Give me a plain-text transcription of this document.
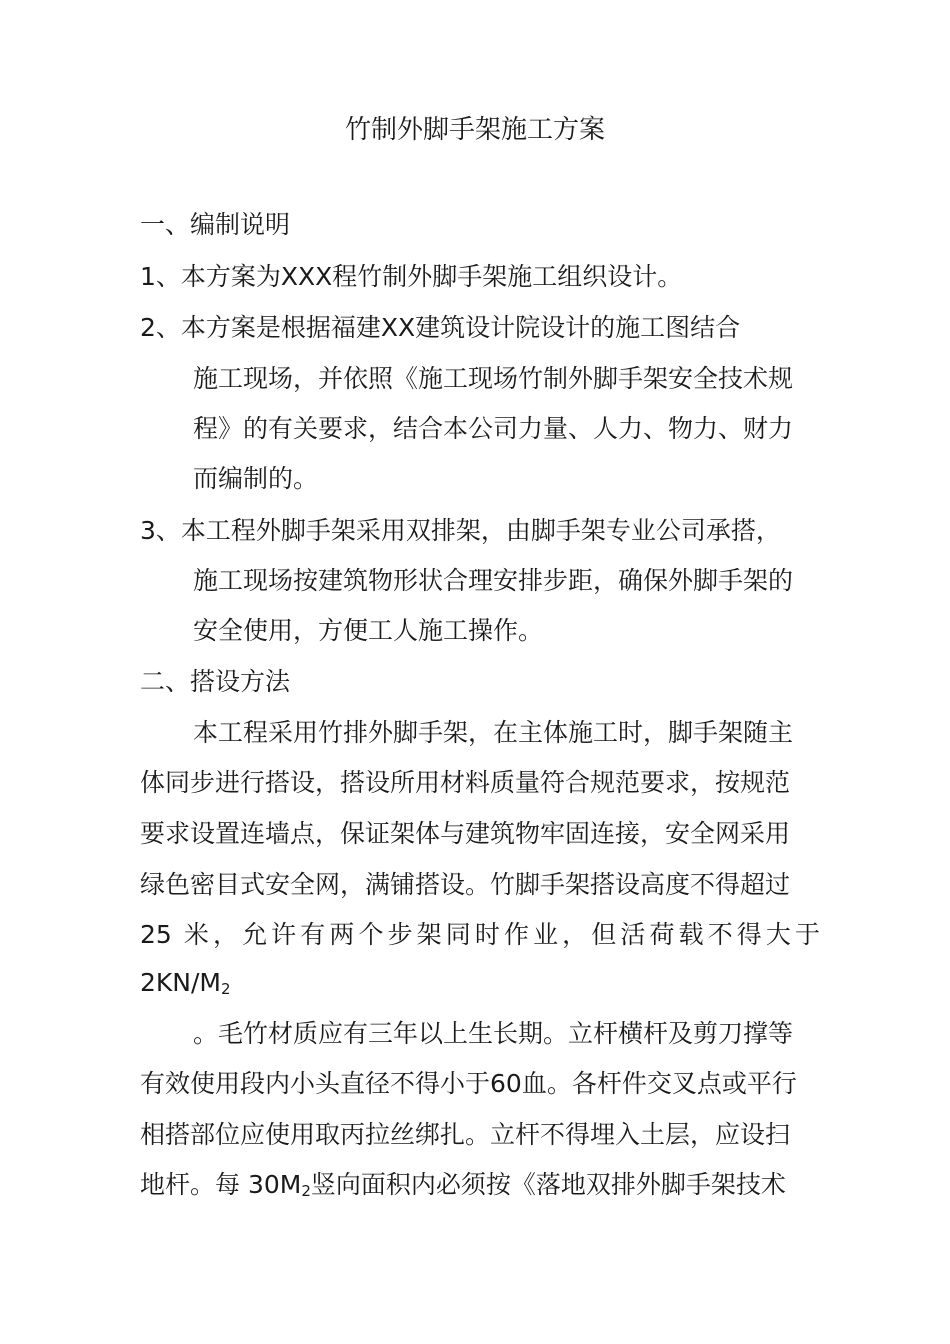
竹制外脚手架施工方案
一、编制说明
1、本方案为XXX程竹制外脚手架施工组织设计。
2、本方案是根据福建XX建筑设计院设计的施工图结合
施工现场，并依照《施工现场竹制外脚手架安全技术规
程》的有关要求，结合本公司力量、人力、物力、财力
而编制的。
3、本工程外脚手架采用双排架，由脚手架专业公司承搭，
施工现场按建筑物形状合理安排步距，确保外脚手架的
安全使用，方便工人施工操作。
二、搭设方法
本工程采用竹排外脚手架，在主体施工时，脚手架随主
体同步进行搭设，搭设所用材料质量符合规范要求，按规范
要求设置连墙点，保证架体与建筑物牢固连接，安全网采用
绿色密目式安全网，满铺搭设。竹脚手架搭设高度不得超过
25 米，允许有两个步架同时作业，但活荷载不得大于
$2KN/M_2$
。毛竹材质应有三年以上生长期。立杆横杆及剪刀撑等
有效使用段内小头直径不得小于60血。各杆件交叉点或平行
相搭部位应使用取丙拉丝绑扎。立杆不得埋入土层，应设扫
地杆。每 $30M_2$竖向面积内必须按《落地双排外脚手架技术
